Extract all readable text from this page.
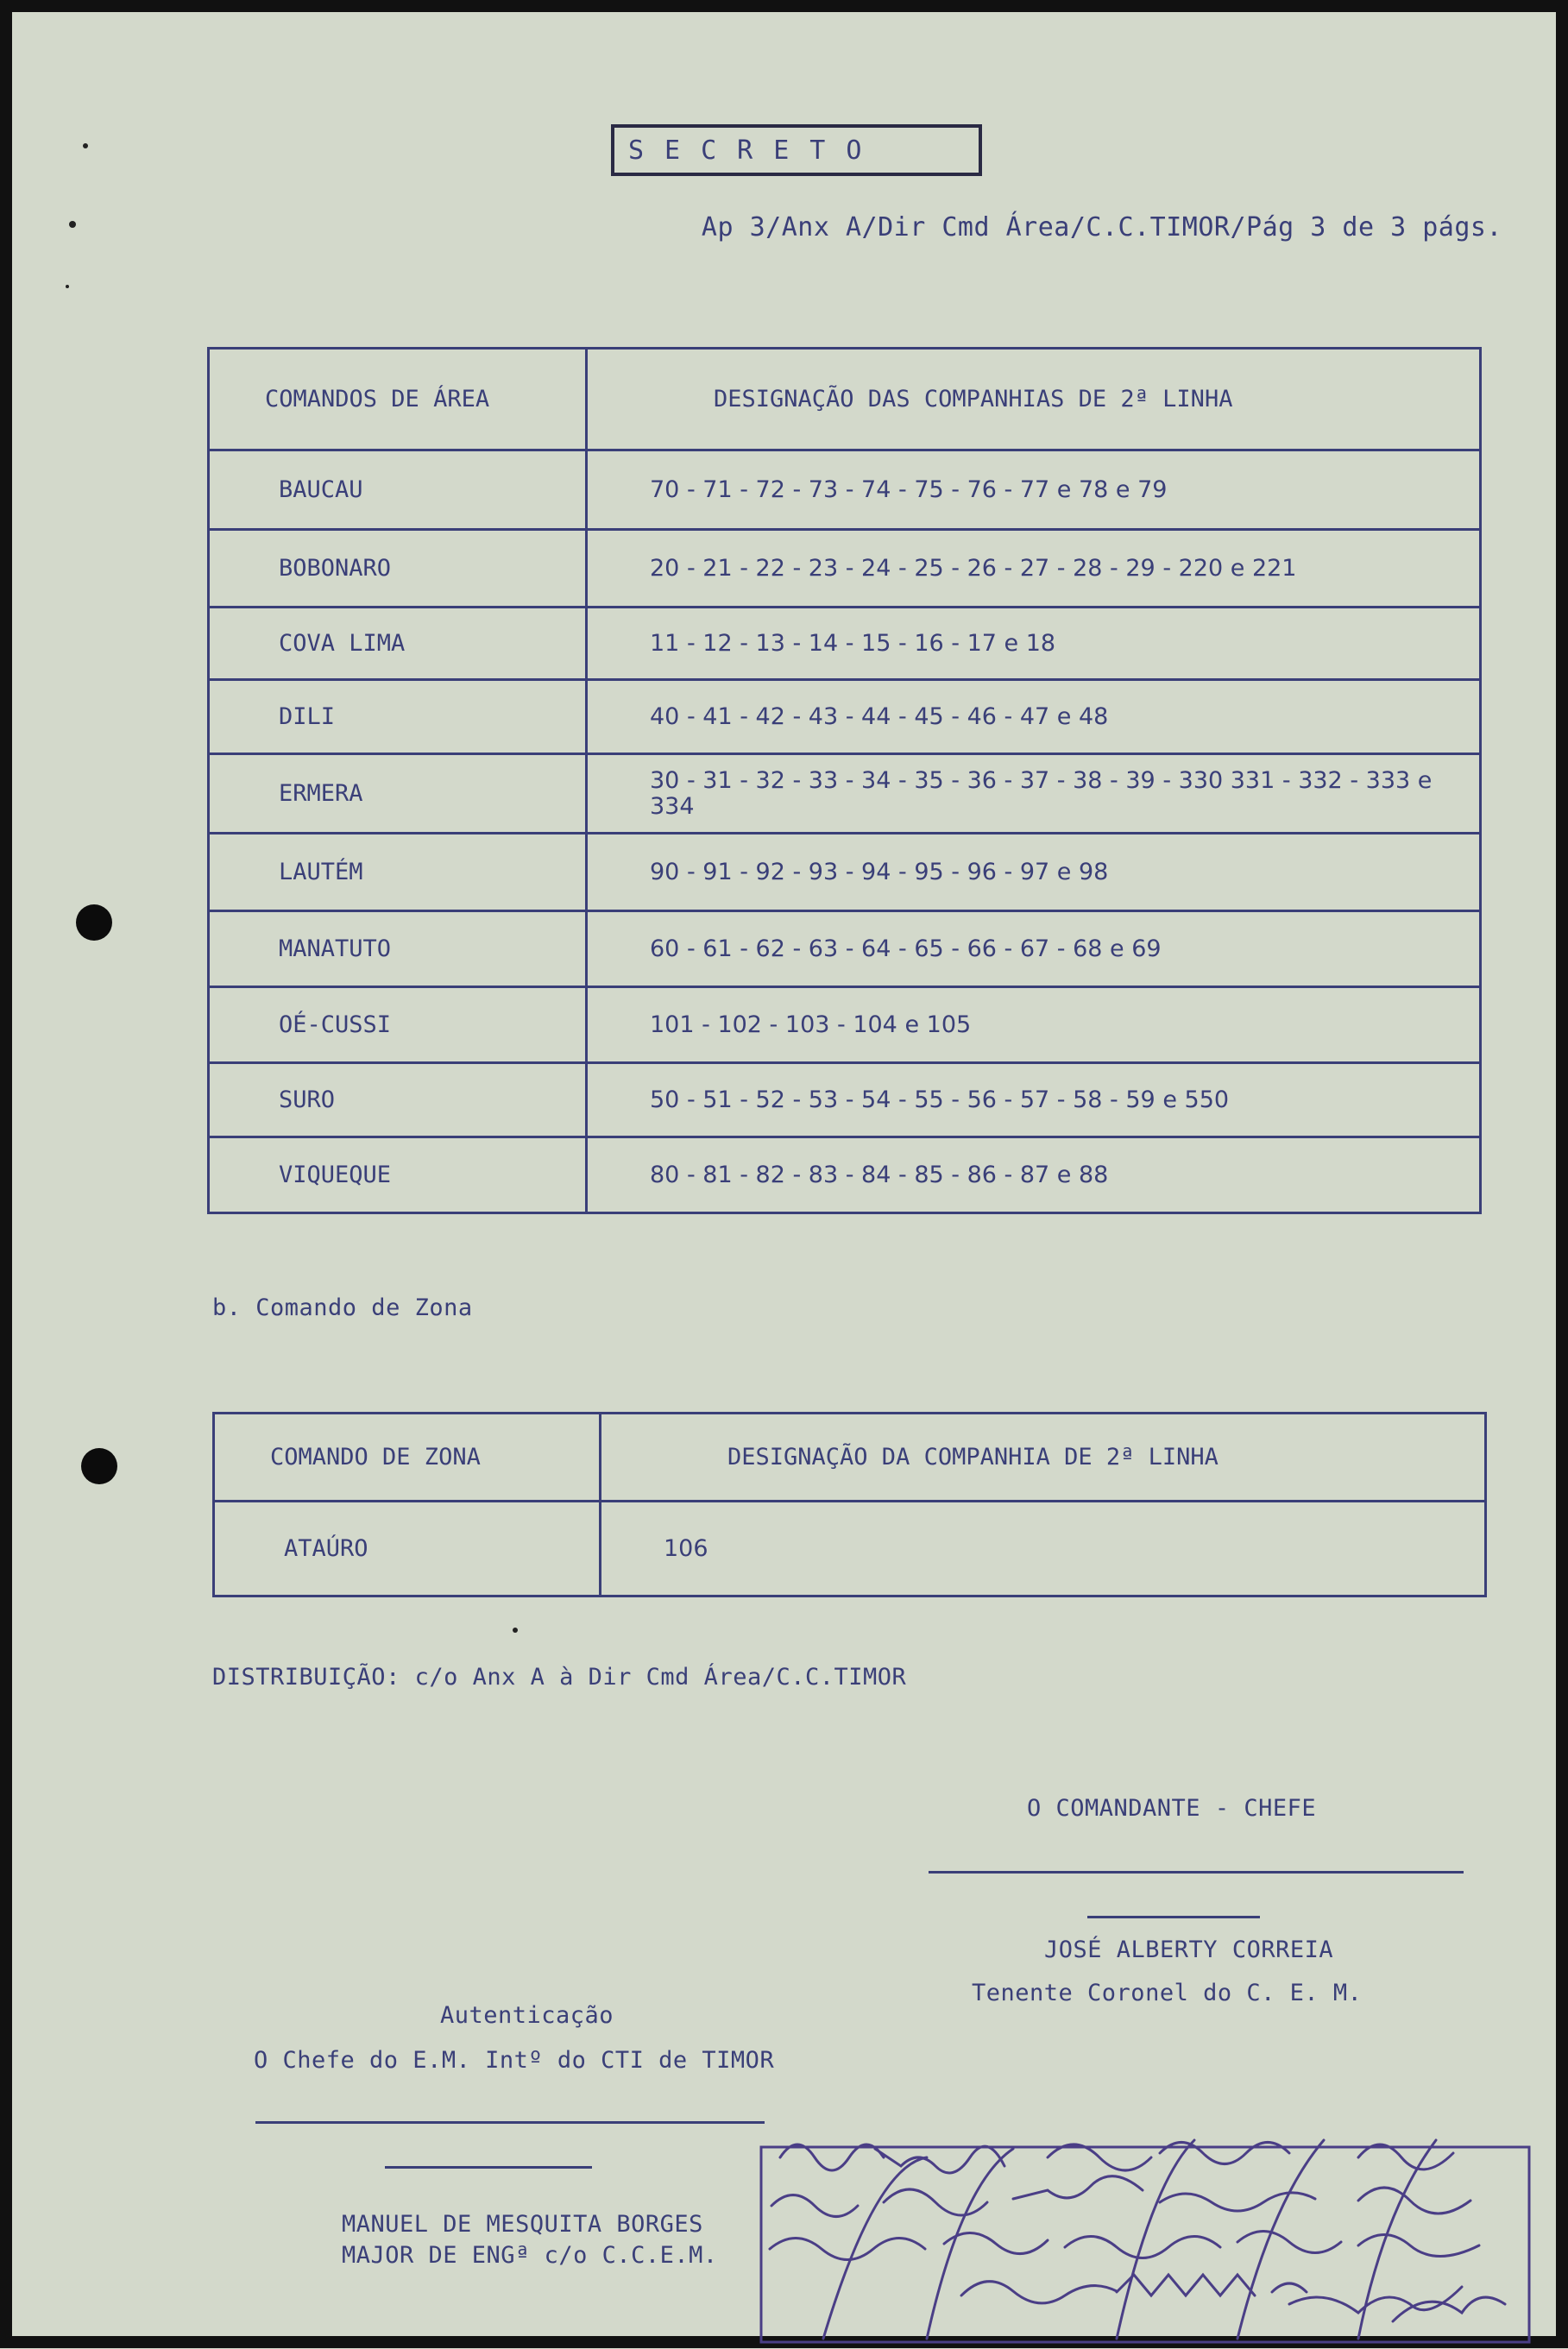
SECRETO
Ap 3/Anx A/Dir Cmd Área/C.C.TIMOR/Pág 3 de 3 págs.
COMANDOS DE ÁREA	DESIGNAÇÃO DAS COMPANHIAS DE 2ª LINHA
BAUCAU	70 - 71 - 72 - 73 - 74 - 75 - 76 - 77 e 78 e 79
BOBONARO	20 - 21 - 22 - 23 - 24 - 25 - 26 - 27 - 28 - 29 - 220 e 221
COVA LIMA	11 - 12 - 13 - 14 - 15 - 16 - 17 e 18
DILI	40 - 41 - 42 - 43 - 44 - 45 - 46 - 47 e 48
ERMERA	30 - 31 - 32 - 33 - 34 - 35 - 36 - 37 - 38 - 39 - 330 331 - 332 - 333 e 334
LAUTÉM	90 - 91 - 92 - 93 - 94 - 95 - 96 - 97 e 98
MANATUTO	60 - 61 - 62 - 63 - 64 - 65 - 66 - 67 - 68 e 69
OÉ-CUSSI	101 - 102 - 103 - 104 e 105
SURO	50 - 51 - 52 - 53 - 54 - 55 - 56 - 57 - 58 - 59 e 550
VIQUEQUE	80 - 81 - 82 - 83 - 84 - 85 - 86 - 87 e 88
b. Comando de Zona
COMANDO DE ZONA	DESIGNAÇÃO DA COMPANHIA DE 2ª LINHA
ATAÚRO	106
DISTRIBUIÇÃO: c/o Anx A à Dir Cmd Área/C.C.TIMOR
O COMANDANTE - CHEFE
JOSÉ ALBERTY CORREIA
Tenente Coronel do C. E. M.
Autenticação
O Chefe do E.M. Intº do CTI de TIMOR
MANUEL DE MESQUITA BORGES
MAJOR DE ENGª c/o C.C.E.M.
